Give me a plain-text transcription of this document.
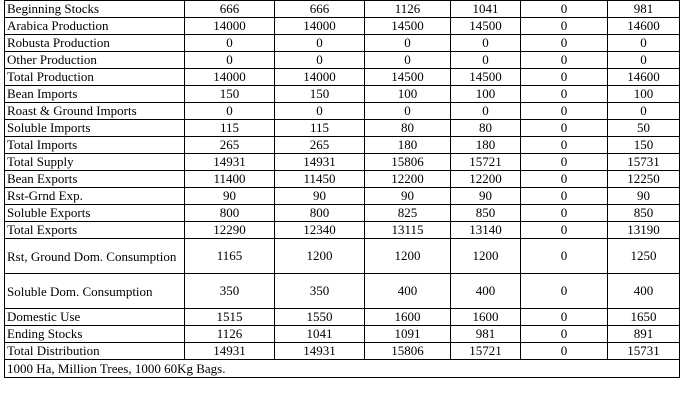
Beginning Stocks	666	666	1126	1041	0	981
Arabica Production	14000	14000	14500	14500	0	14600
Robusta Production	0	0	0	0	0	0
Other Production	0	0	0	0	0	0
Total Production	14000	14000	14500	14500	0	14600
Bean Imports	150	150	100	100	0	100
Roast & Ground Imports	0	0	0	0	0	0
Soluble Imports	115	115	80	80	0	50
Total Imports	265	265	180	180	0	150
Total Supply	14931	14931	15806	15721	0	15731
Bean Exports	11400	11450	12200	12200	0	12250
Rst-Grnd Exp.	90	90	90	90	0	90
Soluble Exports	800	800	825	850	0	850
Total Exports	12290	12340	13115	13140	0	13190
Rst, Ground Dom. Consumption	1165	1200	1200	1200	0	1250
Soluble Dom. Consumption	350	350	400	400	0	400
Domestic Use	1515	1550	1600	1600	0	1650
Ending Stocks	1126	1041	1091	981	0	891
Total Distribution	14931	14931	15806	15721	0	15731
1000 Ha, Million Trees, 1000 60Kg Bags.						
